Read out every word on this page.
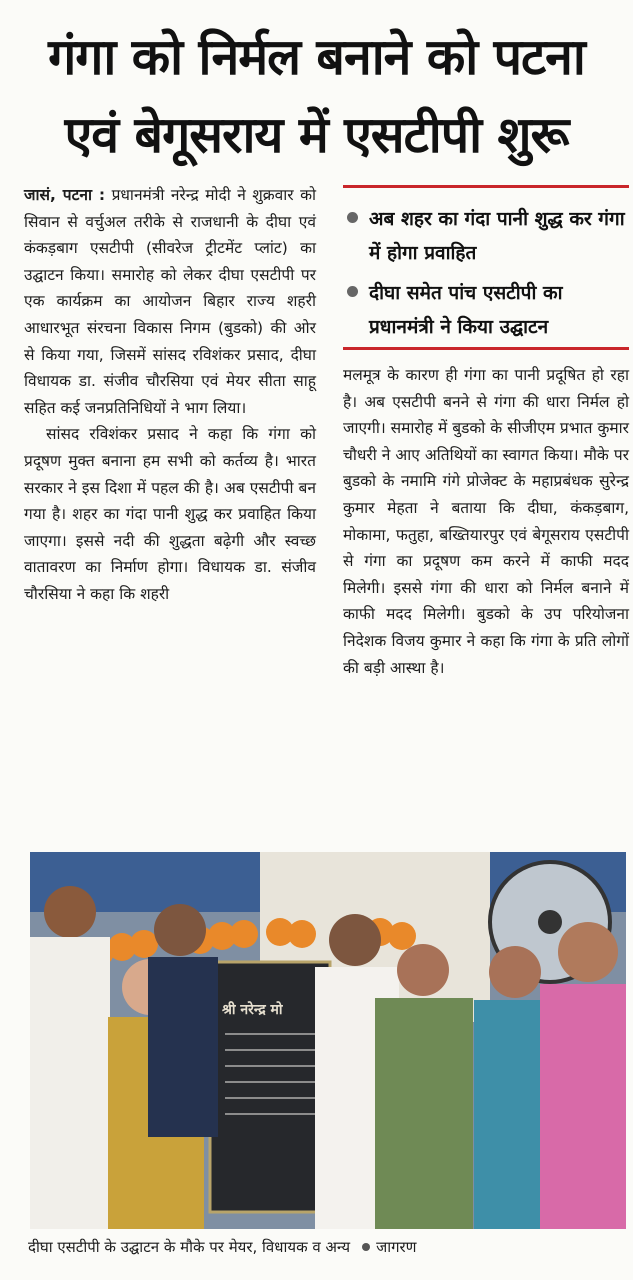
गंगा को निर्मल बनाने को पटना
एवं बेगूसराय में एसटीपी शुरू

जासं, पटना : प्रधानमंत्री नरेन्द्र मोदी ने शुक्रवार को सिवान से वर्चुअल तरीके से राजधानी के दीघा एवं कंकड़बाग एसटीपी (सीवरेज ट्रीटमेंट प्लांट) का उद्घाटन किया। समारोह को लेकर दीघा एसटीपी पर एक कार्यक्रम का आयोजन बिहार राज्य शहरी आधारभूत संरचना विकास निगम (बुडको) की ओर से किया गया, जिसमें सांसद रविशंकर प्रसाद, दीघा विधायक डा. संजीव चौरसिया एवं मेयर सीता साहू सहित कई जनप्रतिनिधियों ने भाग लिया।

सांसद रविशंकर प्रसाद ने कहा कि गंगा को प्रदूषण मुक्त बनाना हम सभी को कर्तव्य है। भारत सरकार ने इस दिशा में पहल की है। अब एसटीपी बन गया है। शहर का गंदा पानी शुद्ध कर प्रवाहित किया जाएगा। इससे नदी की शुद्धता बढ़ेगी और स्वच्छ वातावरण का निर्माण होगा। विधायक डा. संजीव चौरसिया ने कहा कि शहरी

अब शहर का गंदा पानी शुद्ध कर गंगा में होगा प्रवाहित
दीघा समेत पांच एसटीपी का प्रधानमंत्री ने किया उद्घाटन

मलमूत्र के कारण ही गंगा का पानी प्रदूषित हो रहा है। अब एसटीपी बनने से गंगा की धारा निर्मल हो जाएगी। समारोह में बुडको के सीजीएम प्रभात कुमार चौधरी ने आए अतिथियों का स्वागत किया। मौके पर बुडको के नमामि गंगे प्रोजेक्ट के महाप्रबंधक सुरेन्द्र कुमार मेहता ने बताया कि दीघा, कंकड़बाग, मोकामा, फतुहा, बख्तियारपुर एवं बेगूसराय एसटीपी से गंगा का प्रदूषण कम करने में काफी मदद मिलेगी। इससे गंगा की धारा को निर्मल बनाने में काफी मदद मिलेगी। बुडको के उप परियोजना निदेशक विजय कुमार ने कहा कि गंगा के प्रति लोगों की बड़ी आस्था है।

श्री नरेन्द्र मो
दीघा एसटीपी के उद्घाटन के मौके पर मेयर, विधायक व अन्य जागरण
